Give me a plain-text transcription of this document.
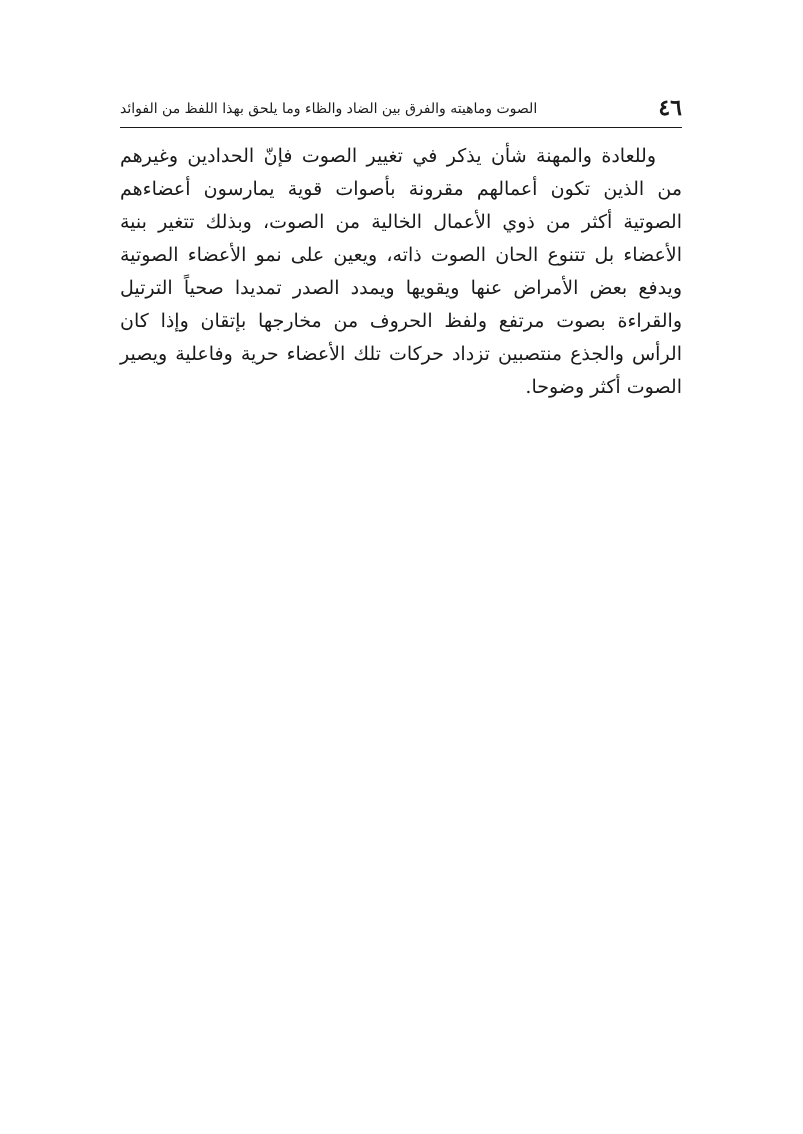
٤٦
الصوت وماهيته والفرق بين الضاد والظاء وما يلحق بهذا اللفظ من الفوائد

وللعادة والمهنة شأن يذكر في تغيير الصوت فإنّ الحدادين وغيرهم من الذين تكون أعمالهم مقرونة بأصوات قوية يمارسون أعضاءهم الصوتية أكثر من ذوي الأعمال الخالية من الصوت، وبذلك تتغير بنية الأعضاء بل تتنوع الحان الصوت ذاته، ويعين على نمو الأعضاء الصوتية ويدفع بعض الأمراض عنها ويقويها ويمدد الصدر تمديدا صحياً الترتيل والقراءة بصوت مرتفع ولفظ الحروف من مخارجها بإتقان وإذا كان الرأس والجذع منتصبين تزداد حركات تلك الأعضاء حرية وفاعلية ويصير الصوت أكثر وضوحا.
